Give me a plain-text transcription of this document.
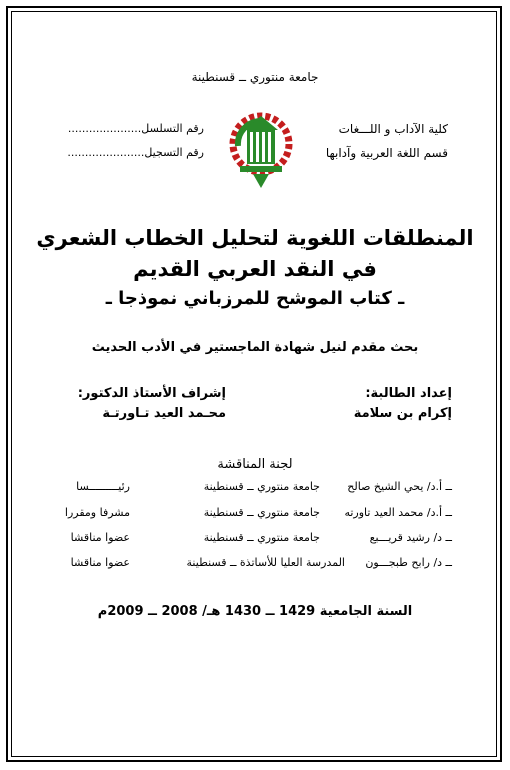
جامعة منتوري ــ قسنطينة
كلية الآداب و اللـــغات
قسم اللغة العربية وآدابها
رقم التسلسل.....................
رقم التسجيل......................
المنطلقات اللغوية لتحليل الخطاب الشعري
في النقد العربي القديم
ـ كتاب الموشح للمرزباني نموذجا ـ
بحث مقدم لنيل شهادة الماجستير في الأدب الحديث
إعداد الطالبة:
إكرام بن سلامة
إشراف الأستاذ الدكتور:
محـمد العيد تـاورتـة
لجنة المناقشة
ــ أ.د/ يحي الشيخ صالح
جامعة منتوري ــ قسنطينة
رئيـــــــــسا
ــ أ.د/ محمد العيد تاورته
جامعة منتوري ــ قسنطينة
مشرفا ومقررا
ــ د/ رشيد قريـــبع
جامعة منتوري ــ قسنطينة
عضوا مناقشا
ــ د/ رابح طبجـــون
المدرسة العليا للأساتذة ــ قسنطينة
عضوا مناقشا
السنة الجامعية 1429 ــ 1430 هـ/ 2008 ــ 2009م
